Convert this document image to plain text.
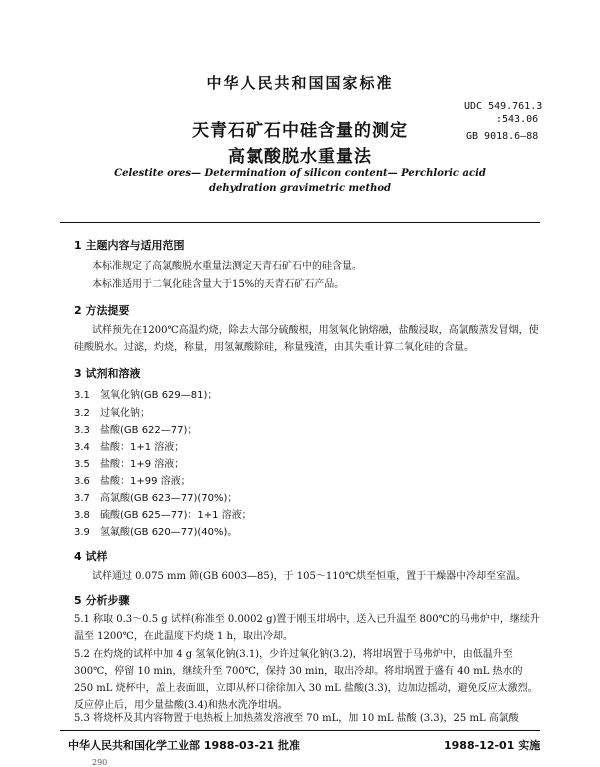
中华人民共和国国家标准
天青石矿石中硅含量的测定
高氯酸脱水重量法
UDC 549.761.3
:543.06
GB 9018.6—88
Celestite ores— Determination of silicon content— Perchloric acid
dehydration gravimetric method
1 主题内容与适用范围
本标准规定了高氯酸脱水重量法测定天青石矿石中的硅含量。
本标准适用于二氧化硅含量大于15%的天青石矿石产品。
2 方法提要
试样预先在1200℃高温灼烧，除去大部分硫酸根，用氢氧化钠熔融，盐酸浸取，高氯酸蒸发冒烟，使硅酸脱水。过滤，灼烧，称量，用氢氟酸除硅，称量残渣，由其失重计算二氧化硅的含量。
3 试剂和溶液
3.1 氢氧化钠(GB 629—81)；
3.2 过氧化钠；
3.3 盐酸(GB 622—77)；
3.4 盐酸：1+1 溶液；
3.5 盐酸：1+9 溶液；
3.6 盐酸：1+99 溶液；
3.7 高氯酸(GB 623—77)(70%)；
3.8 硫酸(GB 625—77)：1+1 溶液；
3.9 氢氟酸(GB 620—77)(40%)。
4 试样
试样通过 0.075 mm 筛(GB 6003—85)，于 105～110℃烘至恒重，置于干燥器中冷却至室温。
5 分析步骤
5.1 称取 0.3～0.5 g 试样(称准至 0.0002 g)置于刚玉坩埚中，送入已升温至 800℃的马弗炉中，继续升温至 1200℃，在此温度下灼烧 1 h，取出冷却。
5.2 在灼烧的试样中加 4 g 氢氧化钠(3.1)，少许过氧化钠(3.2)，将坩埚置于马弗炉中，由低温升至 300℃，停留 10 min，继续升至 700℃，保持 30 min，取出冷却。将坩埚置于盛有 40 mL 热水的 250 mL 烧杯中，盖上表面皿，立即从杯口徐徐加入 30 mL 盐酸(3.3)，边加边摇动，避免反应太激烈。反应停止后，用少量盐酸(3.4)和热水洗净坩埚。
5.3 将烧杯及其内容物置于电热板上加热蒸发溶液至 70 mL，加 10 mL 盐酸 (3.3)，25 mL 高氯酸
中华人民共和国化学工业部 1988-03-21 批准	1988-12-01 实施
290
